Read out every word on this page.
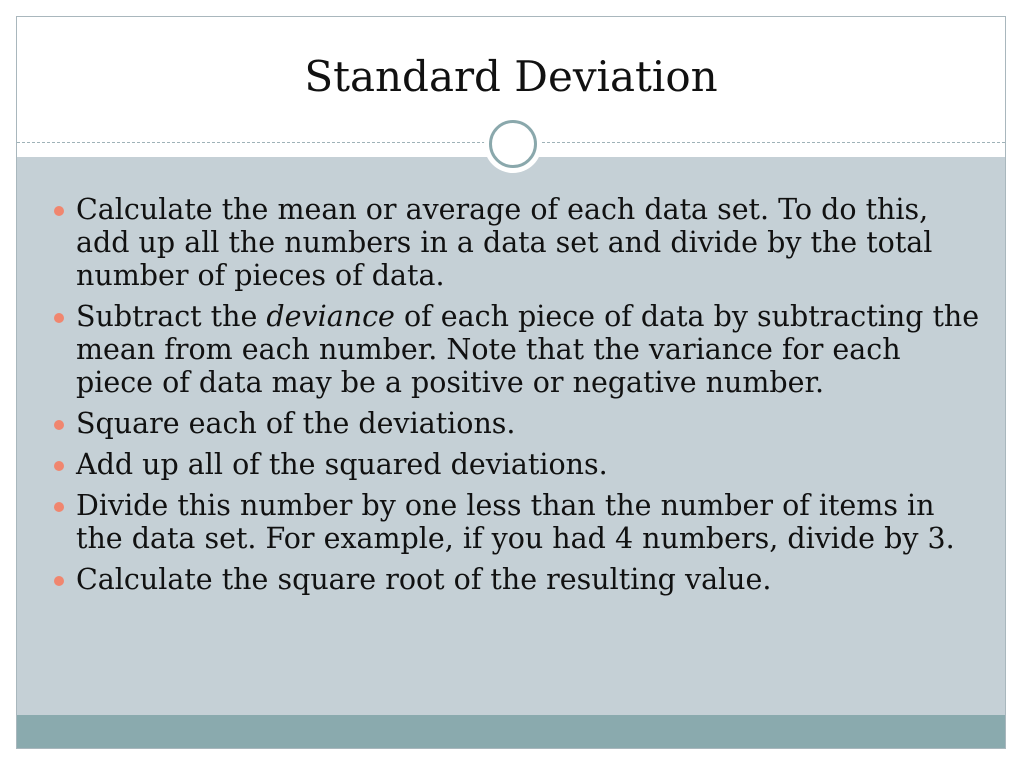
Standard Deviation
Calculate the mean or average of each data set. To do this, add up all the numbers in a data set and divide by the total number of pieces of data.
Subtract the deviance of each piece of data by subtracting the mean from each number. Note that the variance for each piece of data may be a positive or negative number.
Square each of the deviations.
Add up all of the squared deviations.
Divide this number by one less than the number of items in the data set. For example, if you had 4 numbers, divide by 3.
Calculate the square root of the resulting value.
